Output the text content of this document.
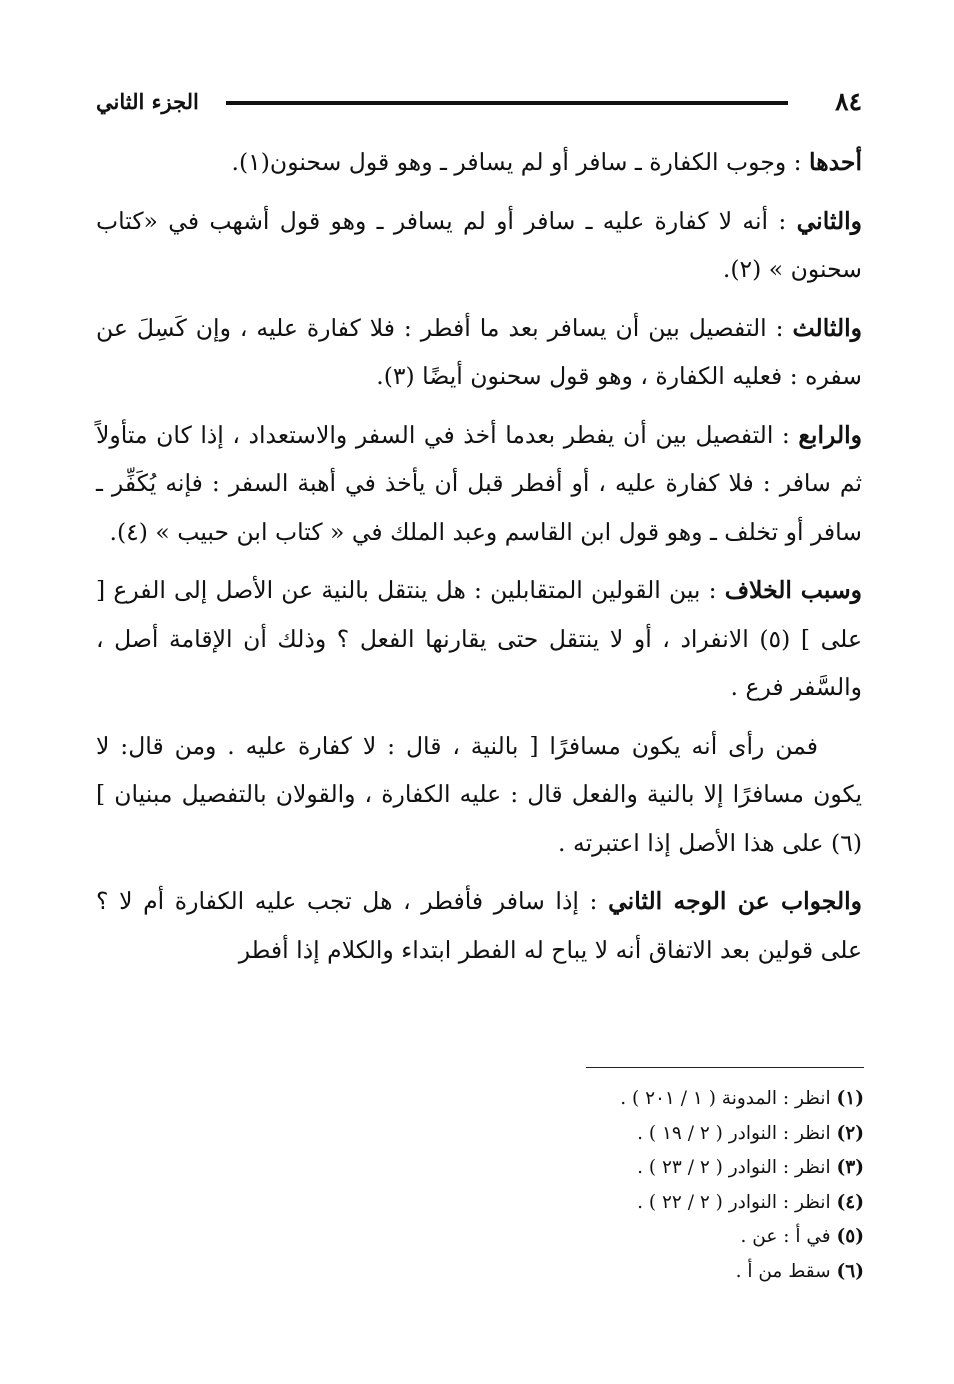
٨٤
الجزء الثاني

أحدها : وجوب الكفارة ـ سافر أو لم يسافر ـ وهو قول سحنون(١).

والثاني : أنه لا كفارة عليه ـ سافر أو لم يسافر ـ وهو قول أشهب في «كتاب سحنون » (٢).

والثالث : التفصيل بين أن يسافر بعد ما أفطر : فلا كفارة عليه ، وإن كَسِلَ عن سفره : فعليه الكفارة ، وهو قول سحنون أيضًا (٣).

والرابع : التفصيل بين أن يفطر بعدما أخذ في السفر والاستعداد ، إذا كان متأولاً ثم سافر : فلا كفارة عليه ، أو أفطر قبل أن يأخذ في أهبة السفر : فإنه يُكَفِّر ـ سافر أو تخلف ـ وهو قول ابن القاسم وعبد الملك في « كتاب ابن حبيب » (٤).

وسبب الخلاف : بين القولين المتقابلين : هل ينتقل بالنية عن الأصل إلى الفرع [ على ] (٥) الانفراد ، أو لا ينتقل حتى يقارنها الفعل ؟ وذلك أن الإقامة أصل ، والسَّفر فرع .

فمن رأى أنه يكون مسافرًا [ بالنية ، قال : لا كفارة عليه . ومن قال: لا يكون مسافرًا إلا بالنية والفعل قال : عليه الكفارة ، والقولان بالتفصيل مبنيان ] (٦) على هذا الأصل إذا اعتبرته .

والجواب عن الوجه الثاني : إذا سافر فأفطر ، هل تجب عليه الكفارة أم لا ؟ على قولين بعد الاتفاق أنه لا يباح له الفطر ابتداء والكلام إذا أفطر

(١) انظر : المدونة ( ١ / ٢٠١ ) .
(٢) انظر : النوادر ( ٢ / ١٩ ) .
(٣) انظر : النوادر ( ٢ / ٢٣ ) .
(٤) انظر : النوادر ( ٢ / ٢٢ ) .
(٥) في أ : عن .
(٦) سقط من أ .
